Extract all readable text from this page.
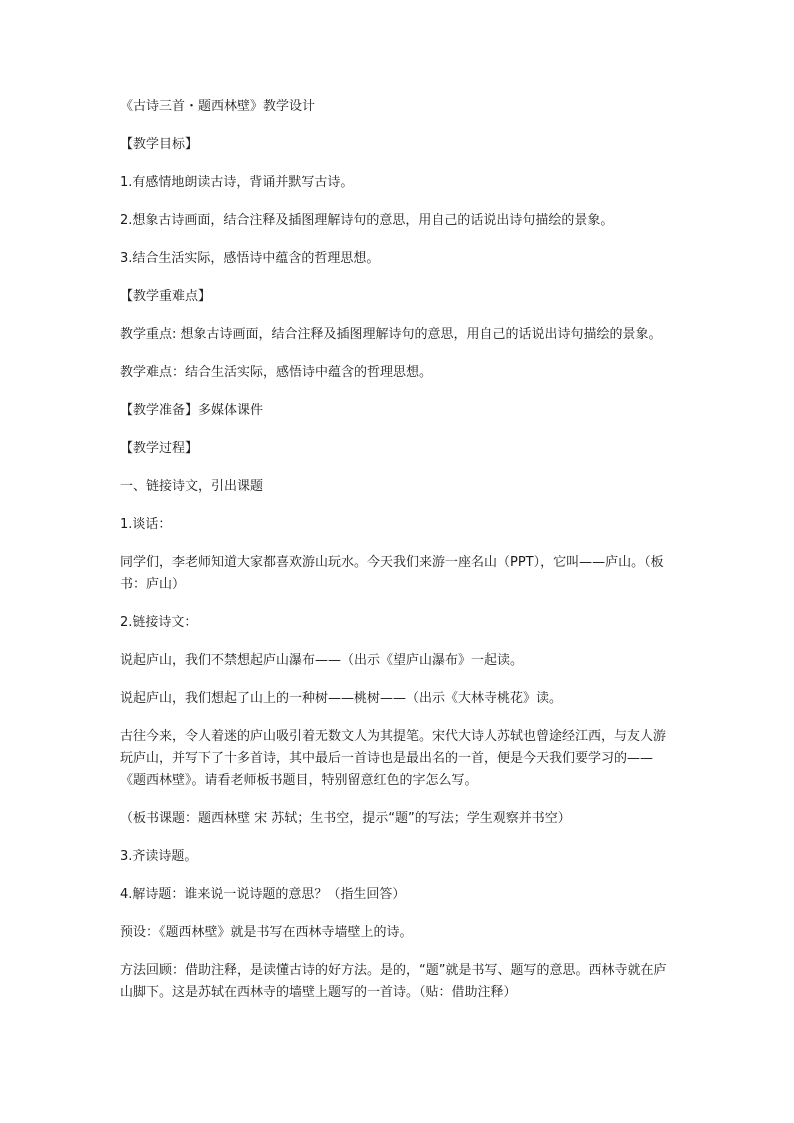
《古诗三首・题西林壁》教学设计

【教学目标】

1.有感情地朗读古诗，背诵并默写古诗。

2.想象古诗画面，结合注释及插图理解诗句的意思，用自己的话说出诗句描绘的景象。

3.结合生活实际，感悟诗中蕴含的哲理思想。

【教学重难点】

教学重点: 想象古诗画面，结合注释及插图理解诗句的意思，用自己的话说出诗句描绘的景象。

教学难点：结合生活实际，感悟诗中蕴含的哲理思想。

【教学准备】多媒体课件

【教学过程】

一、链接诗文，引出课题

1.谈话：

同学们，李老师知道大家都喜欢游山玩水。今天我们来游一座名山（PPT），它叫——庐山。（板书：庐山）

2.链接诗文：

说起庐山，我们不禁想起庐山瀑布——（出示《望庐山瀑布》一起读。

说起庐山，我们想起了山上的一种树——桃树——（出示《大林寺桃花》读。

古往今来，令人着迷的庐山吸引着无数文人为其提笔。宋代大诗人苏轼也曾途经江西，与友人游玩庐山，并写下了十多首诗，其中最后一首诗也是最出名的一首，便是今天我们要学习的——《题西林壁》。请看老师板书题目，特别留意红色的字怎么写。

（板书课题：题西林壁 宋 苏轼；生书空，提示“题”的写法；学生观察并书空）

3.齐读诗题。

4.解诗题：谁来说一说诗题的意思？（指生回答）

预设：《题西林壁》就是书写在西林寺墙壁上的诗。

方法回顾：借助注释，是读懂古诗的好方法。是的，“题”就是书写、题写的意思。西林寺就在庐山脚下。这是苏轼在西林寺的墙壁上题写的一首诗。（贴：借助注释）
